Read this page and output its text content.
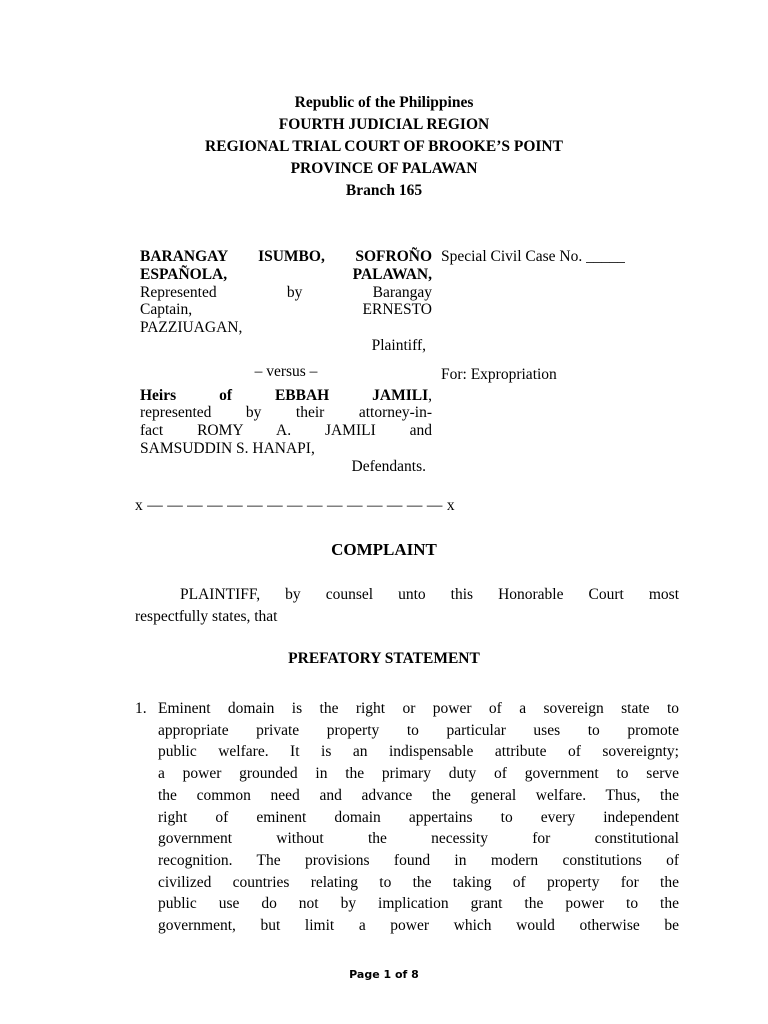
Republic of the Philippines
FOURTH JUDICIAL REGION
REGIONAL TRIAL COURT OF BROOKE’S POINT
PROVINCE OF PALAWAN
Branch 165
BARANGAY ISUMBO, SOFROÑO
ESPAÑOLA, PALAWAN,
Represented by Barangay
Captain, ERNESTO
PAZZIUAGAN,
Plaintiff,
– versus –
Heirs of EBBAH JAMILI,
represented by their attorney-in-
fact ROMY A. JAMILI and
SAMSUDDIN S. HANAPI,
Defendants.
Special Civil Case No. _____
For: Expropriation
x — — — — — — — — — — — — — — — x
COMPLAINT
PLAINTIFF, by counsel unto this Honorable Court most
respectfully states, that
PREFATORY STATEMENT
1. Eminent domain is the right or power of a sovereign state to
appropriate private property to particular uses to promote
public welfare. It is an indispensable attribute of sovereignty;
a power grounded in the primary duty of government to serve
the common need and advance the general welfare. Thus, the
right of eminent domain appertains to every independent
government without the necessity for constitutional
recognition. The provisions found in modern constitutions of
civilized countries relating to the taking of property for the
public use do not by implication grant the power to the
government, but limit a power which would otherwise be
Page 1 of 8
